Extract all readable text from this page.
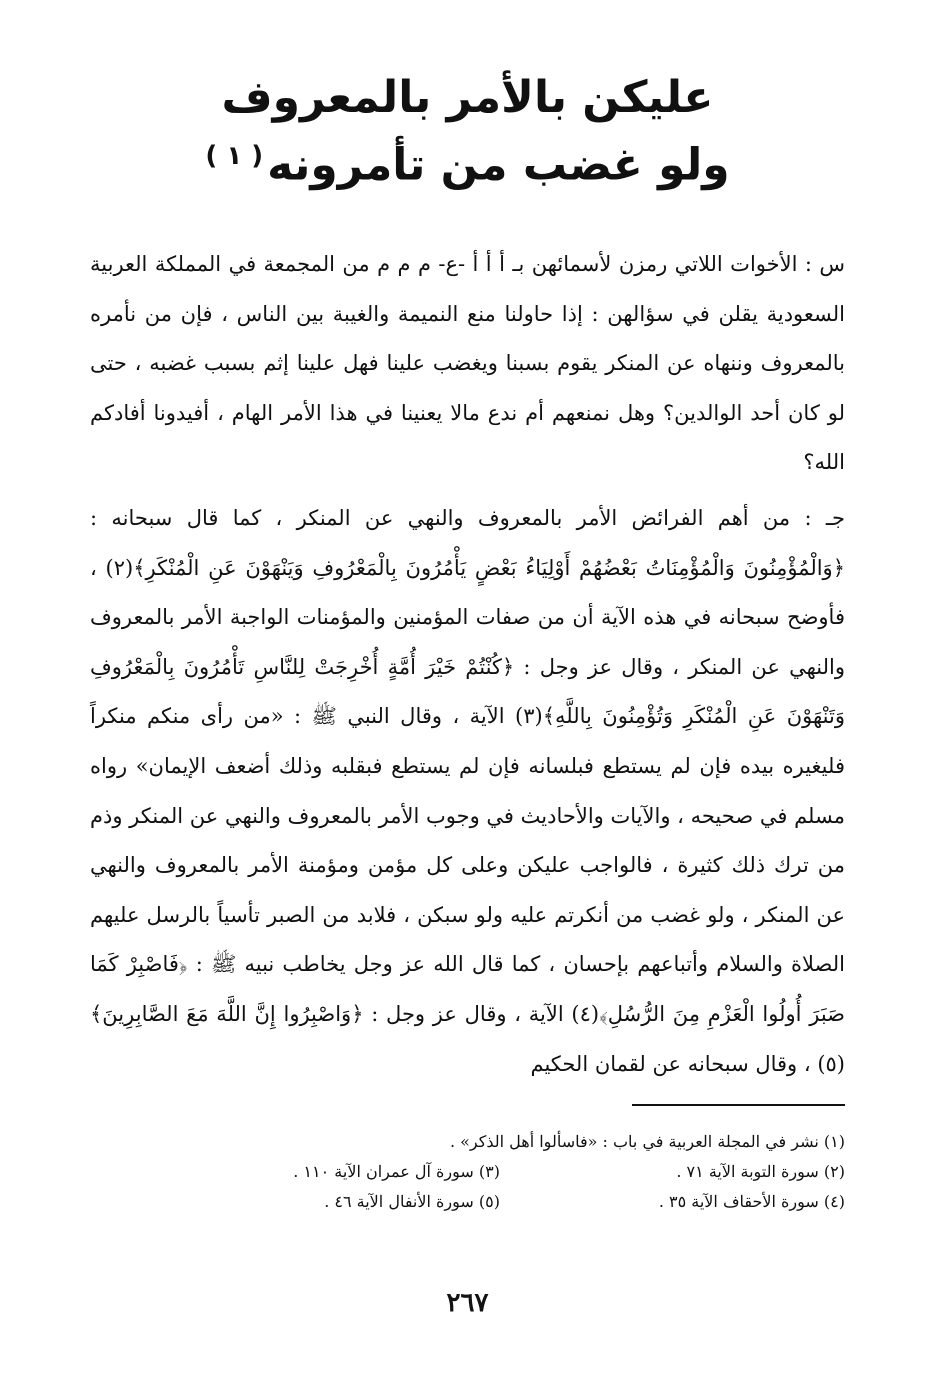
عليكن بالأمر بالمعروف
ولو غضب من تأمرونه$^{( ١ )}$

س : الأخوات اللاتي رمزن لأسمائهن بـ أ أ أ -ع- م م م من المجمعة في المملكة العربية السعودية يقلن في سؤالهن : إذا حاولنا منع النميمة والغيبة بين الناس ، فإن من نأمره بالمعروف وننهاه عن المنكر يقوم بسبنا ويغضب علينا فهل علينا إثم بسبب غضبه ، حتى لو كان أحد الوالدين؟ وهل نمنعهم أم ندع مالا يعنينا في هذا الأمر الهام ، أفيدونا أفادكم الله؟

جـ : من أهم الفرائض الأمر بالمعروف والنهي عن المنكر ، كما قال سبحانه : ﴿وَالْمُؤْمِنُونَ وَالْمُؤْمِنَاتُ بَعْضُهُمْ أَوْلِيَاءُ بَعْضٍ يَأْمُرُونَ بِالْمَعْرُوفِ وَيَنْهَوْنَ عَنِ الْمُنْكَرِ﴾(٢) ، فأوضح سبحانه في هذه الآية أن من صفات المؤمنين والمؤمنات الواجبة الأمر بالمعروف والنهي عن المنكر ، وقال عز وجل : ﴿كُنْتُمْ خَيْرَ أُمَّةٍ أُخْرِجَتْ لِلنَّاسِ تَأْمُرُونَ بِالْمَعْرُوفِ وَتَنْهَوْنَ عَنِ الْمُنْكَرِ وَتُؤْمِنُونَ بِاللَّهِ﴾(٣) الآية ، وقال النبي ﷺ : «من رأى منكم منكراً فليغيره بيده فإن لم يستطع فبلسانه فإن لم يستطع فبقلبه وذلك أضعف الإيمان» رواه مسلم في صحيحه ، والآيات والأحاديث في وجوب الأمر بالمعروف والنهي عن المنكر وذم من ترك ذلك كثيرة ، فالواجب عليكن وعلى كل مؤمن ومؤمنة الأمر بالمعروف والنهي عن المنكر ، ولو غضب من أنكرتم عليه ولو سبكن ، فلابد من الصبر تأسياً بالرسل عليهم الصلاة والسلام وأتباعهم بإحسان ، كما قال الله عز وجل يخاطب نبيه ﷺ : ﴿فَاصْبِرْ كَمَا صَبَرَ أُولُوا الْعَزْمِ مِنَ الرُّسُلِ﴾(٤) الآية ، وقال عز وجل : ﴿وَاصْبِرُوا إِنَّ اللَّهَ مَعَ الصَّابِرِينَ﴾(٥) ، وقال سبحانه عن لقمان الحكيم

(١) نشر في المجلة العربية في باب : «فاسألوا أهل الذكر» .
(٢) سورة التوبة الآية ٧١ .
(٣) سورة آل عمران الآية ١١٠ .
(٤) سورة الأحقاف الآية ٣٥ .
(٥) سورة الأنفال الآية ٤٦ .
٢٦٧
